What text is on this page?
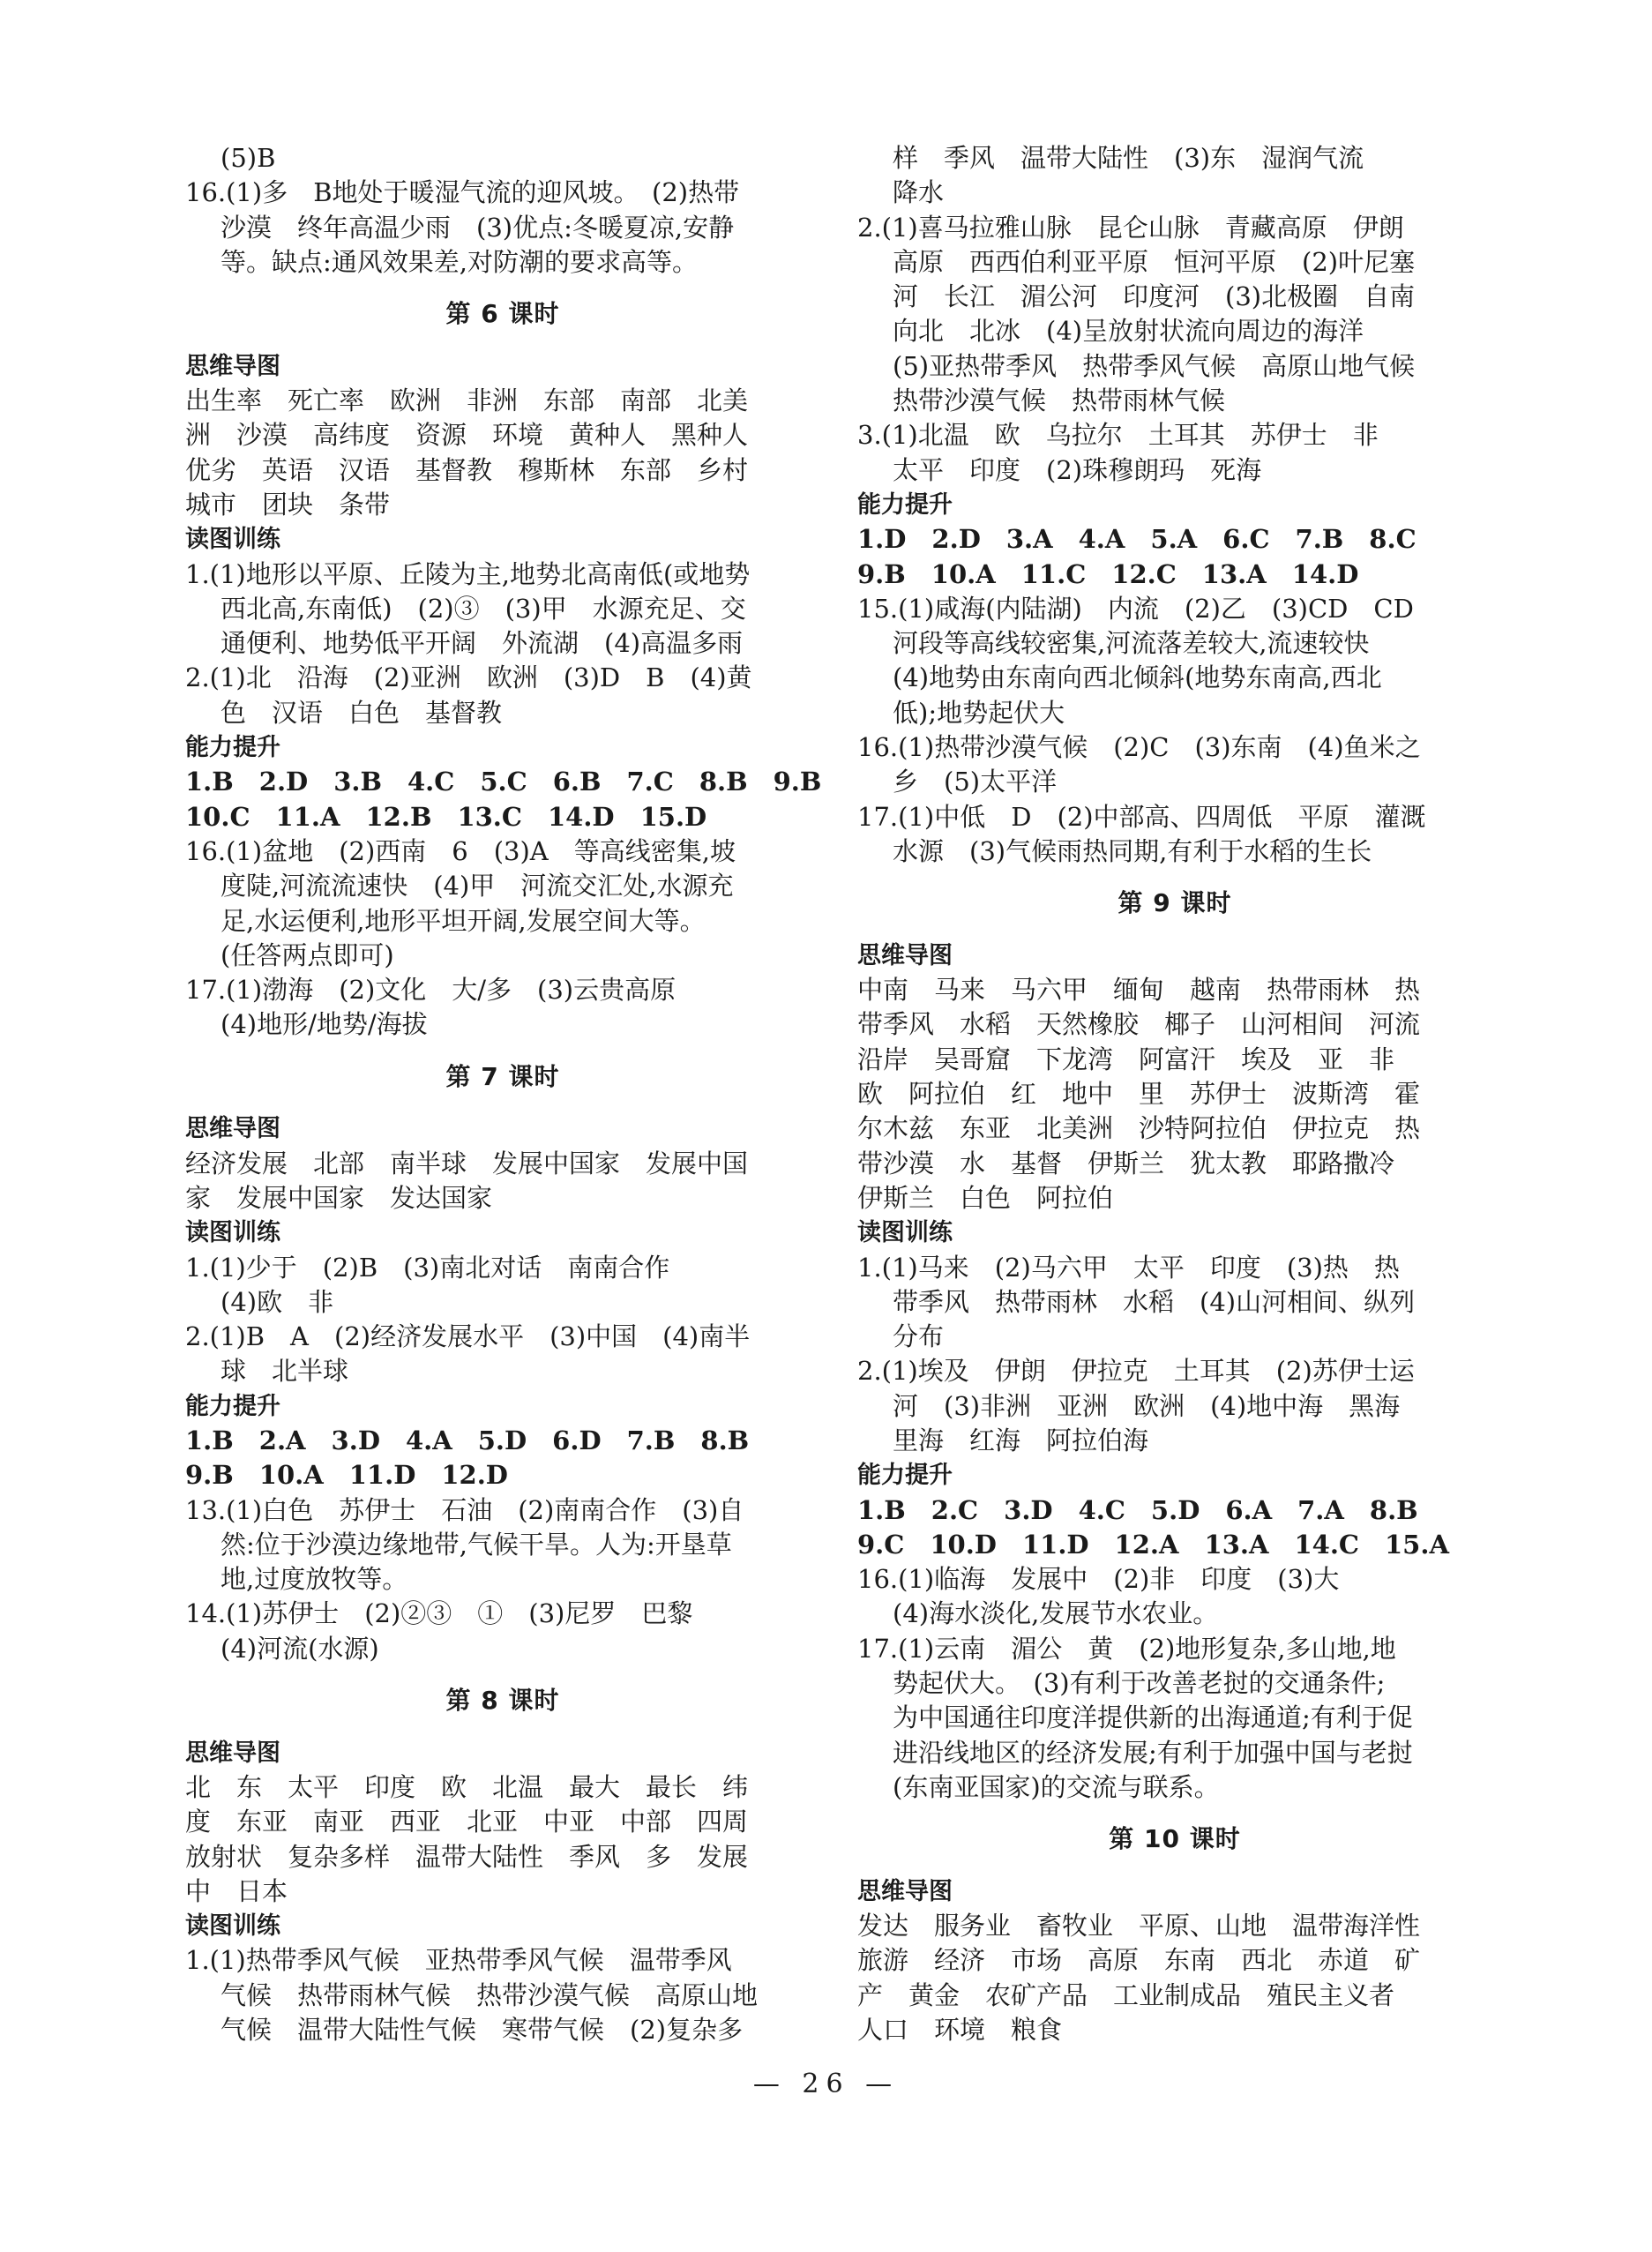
(5)B
16.(1)多　B地处于暖湿气流的迎风坡。　(2)热带
沙漠　终年高温少雨　(3)优点:冬暖夏凉,安静
等。缺点:通风效果差,对防潮的要求高等。
第 6 课时
思维导图
出生率　死亡率　欧洲　非洲　东部　南部　北美
洲　沙漠　高纬度　资源　环境　黄种人　黑种人
优劣　英语　汉语　基督教　穆斯林　东部　乡村
城市　团块　条带
读图训练
1.(1)地形以平原、丘陵为主,地势北高南低(或地势
西北高,东南低)　(2)③　(3)甲　水源充足、交
通便利、地势低平开阔　外流湖　(4)高温多雨
2.(1)北　沿海　(2)亚洲　欧洲　(3)D　B　(4)黄
色　汉语　白色　基督教
能力提升
1.B　2.D　3.B　4.C　5.C　6.B　7.C　8.B　9.B
10.C　11.A　12.B　13.C　14.D　15.D
16.(1)盆地　(2)西南　6　(3)A　等高线密集,坡
度陡,河流流速快　(4)甲　河流交汇处,水源充
足,水运便利,地形平坦开阔,发展空间大等。
(任答两点即可)
17.(1)渤海　(2)文化　大/多　(3)云贵高原
(4)地形/地势/海拔
第 7 课时
思维导图
经济发展　北部　南半球　发展中国家　发展中国
家　发展中国家　发达国家
读图训练
1.(1)少于　(2)B　(3)南北对话　南南合作
(4)欧　非
2.(1)B　A　(2)经济发展水平　(3)中国　(4)南半
球　北半球
能力提升
1.B　2.A　3.D　4.A　5.D　6.D　7.B　8.B
9.B　10.A　11.D　12.D
13.(1)白色　苏伊士　石油　(2)南南合作　(3)自
然:位于沙漠边缘地带,气候干旱。人为:开垦草
地,过度放牧等。
14.(1)苏伊士　(2)②③　①　(3)尼罗　巴黎
(4)河流(水源)
第 8 课时
思维导图
北　东　太平　印度　欧　北温　最大　最长　纬
度　东亚　南亚　西亚　北亚　中亚　中部　四周
放射状　复杂多样　温带大陆性　季风　多　发展
中　日本
读图训练
1.(1)热带季风气候　亚热带季风气候　温带季风
气候　热带雨林气候　热带沙漠气候　高原山地
气候　温带大陆性气候　寒带气候　(2)复杂多
样　季风　温带大陆性　(3)东　湿润气流
降水
2.(1)喜马拉雅山脉　昆仑山脉　青藏高原　伊朗
高原　西西伯利亚平原　恒河平原　(2)叶尼塞
河　长江　湄公河　印度河　(3)北极圈　自南
向北　北冰　(4)呈放射状流向周边的海洋
(5)亚热带季风　热带季风气候　高原山地气候
热带沙漠气候　热带雨林气候
3.(1)北温　欧　乌拉尔　土耳其　苏伊士　非
太平　印度　(2)珠穆朗玛　死海
能力提升
1.D　2.D　3.A　4.A　5.A　6.C　7.B　8.C
9.B　10.A　11.C　12.C　13.A　14.D
15.(1)咸海(内陆湖)　内流　(2)乙　(3)CD　CD
河段等高线较密集,河流落差较大,流速较快
(4)地势由东南向西北倾斜(地势东南高,西北
低);地势起伏大
16.(1)热带沙漠气候　(2)C　(3)东南　(4)鱼米之
乡　(5)太平洋
17.(1)中低　D　(2)中部高、四周低　平原　灌溉
水源　(3)气候雨热同期,有利于水稻的生长
第 9 课时
思维导图
中南　马来　马六甲　缅甸　越南　热带雨林　热
带季风　水稻　天然橡胶　椰子　山河相间　河流
沿岸　吴哥窟　下龙湾　阿富汗　埃及　亚　非
欧　阿拉伯　红　地中　里　苏伊士　波斯湾　霍
尔木兹　东亚　北美洲　沙特阿拉伯　伊拉克　热
带沙漠　水　基督　伊斯兰　犹太教　耶路撒冷
伊斯兰　白色　阿拉伯
读图训练
1.(1)马来　(2)马六甲　太平　印度　(3)热　热
带季风　热带雨林　水稻　(4)山河相间、纵列
分布
2.(1)埃及　伊朗　伊拉克　土耳其　(2)苏伊士运
河　(3)非洲　亚洲　欧洲　(4)地中海　黑海
里海　红海　阿拉伯海
能力提升
1.B　2.C　3.D　4.C　5.D　6.A　7.A　8.B
9.C　10.D　11.D　12.A　13.A　14.C　15.A
16.(1)临海　发展中　(2)非　印度　(3)大
(4)海水淡化,发展节水农业。
17.(1)云南　湄公　黄　(2)地形复杂,多山地,地
势起伏大。　(3)有利于改善老挝的交通条件;
为中国通往印度洋提供新的出海通道;有利于促
进沿线地区的经济发展;有利于加强中国与老挝
(东南亚国家)的交流与联系。
第 10 课时
思维导图
发达　服务业　畜牧业　平原、山地　温带海洋性
旅游　经济　市场　高原　东南　西北　赤道　矿
产　黄金　农矿产品　工业制成品　殖民主义者
人口　环境　粮食
— 26 —
